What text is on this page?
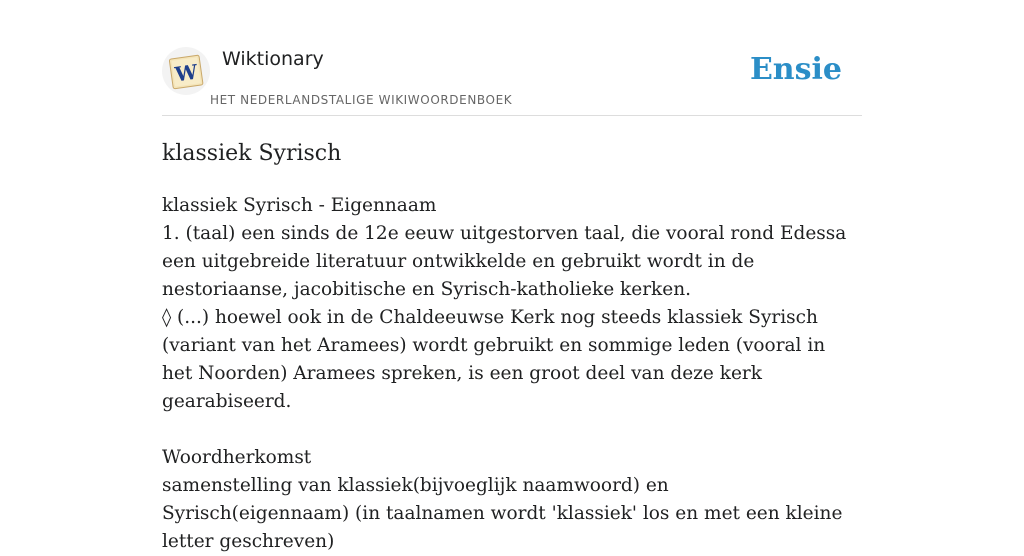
W
Wiktionary
HET NEDERLANDSTALIGE WIKIWOORDENBOEK
Ensie
klassiek Syrisch

klassiek Syrisch - Eigennaam

1. (taal) een sinds de 12e eeuw uitgestorven taal, die vooral rond Edessa een uitgebreide literatuur ontwikkelde en gebruikt wordt in de nestoriaanse, jacobitische en Syrisch-katholieke kerken.

◊ (...) hoewel ook in de Chaldeeuwse Kerk nog steeds klassiek Syrisch (variant van het Aramees) wordt gebruikt en sommige leden (vooral in het Noorden) Aramees spreken, is een groot deel van deze kerk gearabiseerd.

Woordherkomst

samenstelling van klassiek(bijvoeglijk naamwoord) en Syrisch(eigennaam) (in taalnamen wordt 'klassiek' los en met een kleine letter geschreven)
